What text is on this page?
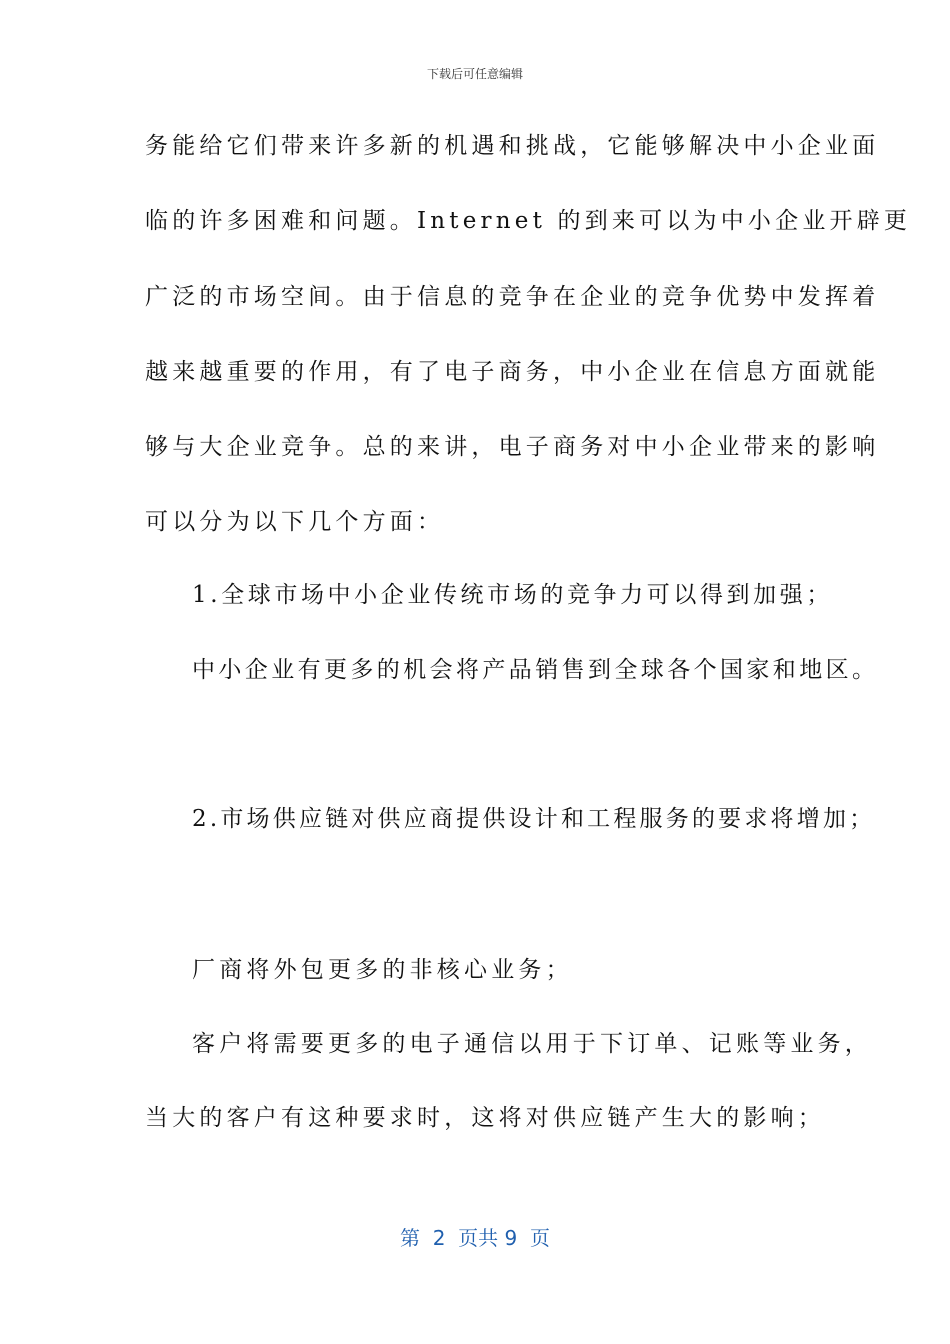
下载后可任意编辑
务能给它们带来许多新的机遇和挑战，它能够解决中小企业面
临的许多困难和问题。Internet 的到来可以为中小企业开辟更
广泛的市场空间。由于信息的竞争在企业的竞争优势中发挥着
越来越重要的作用，有了电子商务，中小企业在信息方面就能
够与大企业竞争。总的来讲，电子商务对中小企业带来的影响
可以分为以下几个方面：
1.全球市场中小企业传统市场的竞争力可以得到加强；
中小企业有更多的机会将产品销售到全球各个国家和地区。
2.市场供应链对供应商提供设计和工程服务的要求将增加；
厂商将外包更多的非核心业务；
客户将需要更多的电子通信以用于下订单、记账等业务，
当大的客户有这种要求时，这将对供应链产生大的影响；
第  2  页共 9  页
